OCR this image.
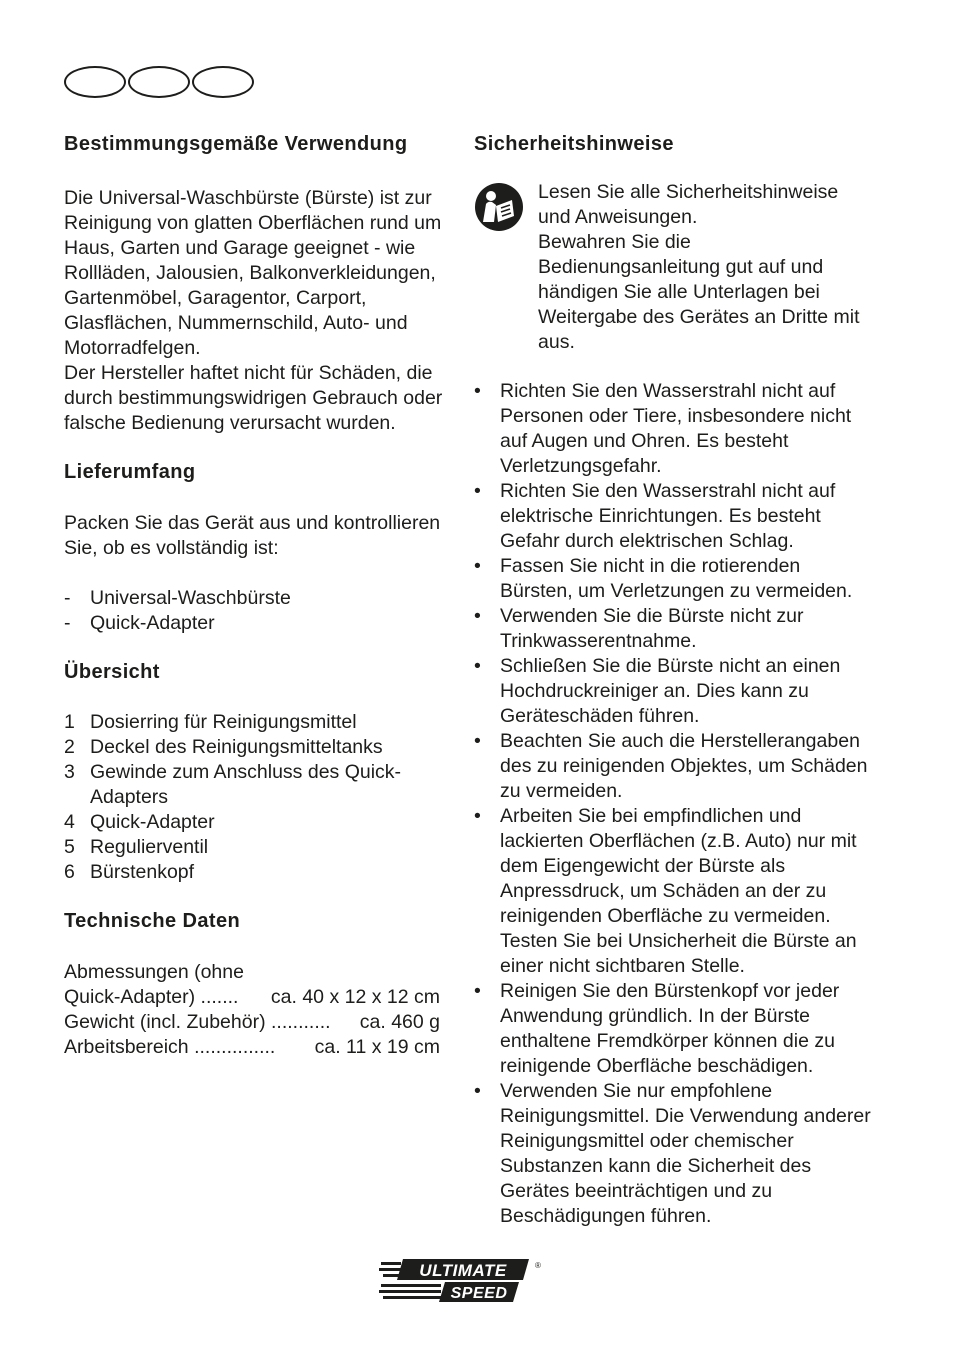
Bestimmungsgemäße Verwendung

Die Universal-Waschbürste (Bürste) ist zur Reinigung von glatten Oberflächen rund um Haus, Garten und Garage geeignet - wie Rollläden, Jalousien, Balkonverkleidungen, Gartenmöbel, Garagentor, Carport, Glasflächen, Nummernschild, Auto- und Motorradfelgen.

Der Hersteller haftet nicht für Schäden, die durch bestimmungswidrigen Gebrauch oder falsche Bedienung verursacht wurden.

Lieferumfang

Packen Sie das Gerät aus und kontrollieren Sie, ob es vollständig ist:

- Universal-Waschbürste
- Quick-Adapter
Übersicht
1 Dosierring für Reinigungsmittel
2 Deckel des Reinigungsmitteltanks
3 Gewinde zum Anschluss des Quick-Adapters
4 Quick-Adapter
5 Regulierventil
6 Bürstenkopf
Technische Daten

Abmessungen (ohne

Quick-Adapter) ....... ca. 40 x 12 x 12 cm
Gewicht (incl. Zubehör) ........... ca. 460 g
Arbeitsbereich ............... ca. 11 x 19 cm
Sicherheitshinweise

Lesen Sie alle Sicherheitshinweise und Anweisungen.

Bewahren Sie die Bedienungsanleitung gut auf und händigen Sie alle Unterlagen bei Weitergabe des Gerätes an Dritte mit aus.

• Richten Sie den Wasserstrahl nicht auf Personen oder Tiere, insbesondere nicht auf Augen und Ohren. Es besteht Verletzungsgefahr.
• Richten Sie den Wasserstrahl nicht auf elektrische Einrichtungen. Es besteht Gefahr durch elektrischen Schlag.
• Fassen Sie nicht in die rotierenden Bürsten, um Verletzungen zu vermeiden.
• Verwenden Sie die Bürste nicht zur Trinkwasserentnahme.
• Schließen Sie die Bürste nicht an einen Hochdruckreiniger an. Dies kann zu Geräteschäden führen.
• Beachten Sie auch die Herstellerangaben des zu reinigenden Objektes, um Schäden zu vermeiden.
• Arbeiten Sie bei empfindlichen und lackierten Oberflächen (z.B. Auto) nur mit dem Eigengewicht der Bürste als Anpressdruck, um Schäden an der zu reinigenden Oberfläche zu vermeiden. Testen Sie bei Unsicherheit die Bürste an einer nicht sichtbaren Stelle.
• Reinigen Sie den Bürstenkopf vor jeder Anwendung gründlich. In der Bürste enthaltene Fremdkörper können die zu reinigende Oberfläche beschädigen.
• Verwenden Sie nur empfohlene Reinigungsmittel. Die Verwendung anderer Reinigungsmittel oder chemischer Substanzen kann die Sicherheit des Gerätes beeinträchtigen und zu Beschädigungen führen.
ULTIMATE
SPEED
®
